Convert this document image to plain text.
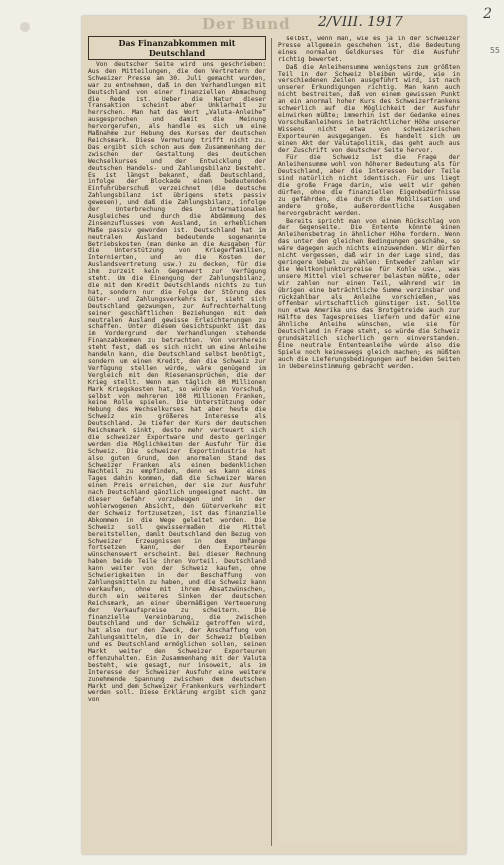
2
55
Der Bund 2/VIII. 1917
Das Finanzabkommen mit Deutschland

Von deutscher Seite wird uns geschrieben: Aus den Mitteilungen, die den Vertretern der Schweizer Presse am 30. Juli gemacht wurden, war zu entnehmen, daß in den Verhandlungen mit Deutschland von einer finanziellen Abmachung die Rede ist. Ueber die Natur dieser Transaktion scheint aber Unklarheit zu herrschen. Man hat das Wort „Valuta-Anleihe“ ausgesprochen und damit die Meinung hervorgerufen, als handle es sich um eine Maßnahme zur Hebung des Kurses der deutschen Reichsmark. Diese Vermutung trifft nicht zu. Das ergibt sich schon aus dem Zusammenhang der zwischen der Gestaltung des deutschen Wechselkurses und der Entwicklung der deutschen Handels- und Zahlungsbilanz besteht. Es ist längst bekannt, daß Deutschland, infolge der Blockade einen bedeutenden Einfuhrüberschuß verzeichnet (die deutsche Zahlungsbilanz ist übrigens stets passiv gewesen), und daß die Zahlungsbilanz, infolge der Unterbrechung des internationalen Ausgleiches und durch die Abdämmung des Zinsenzuflusses vom Ausland, in erheblichem Maße passiv geworden ist. Deutschland hat im neutralen Ausland bedeutende sogenannte Betriebskosten (man denke an die Ausgaben für die Unterstützung von Kriegerfamilien, Internierten, und an die Kosten der Auslandsvertretung usw.) zu decken, für die ihm zurzeit kein Gegenwert zur Verfügung steht. Um die Einengung der Zahlungsbilanz, die mit dem Kredit Deutschlands nichts zu tun hat, sondern nur die Folge der Störung des Güter- und Zahlungsverkehrs ist, sieht sich Deutschland gezwungen, zur Aufrechterhaltung seiner geschäftlichen Beziehungen mit dem neutralen Ausland gewisse Erleichterungen zu schaffen. Unter diesem Gesichtspunkt ist das im Vordergrund der Verhandlungen stehende Finanzabkommen zu betrachten. Von vornherein steht fest, daß es sich nicht um eine Anleihe handeln kann, die Deutschland selbst benötigt, sondern um einen Kredit, den die Schweiz zur Verfügung stellen würde, wäre genügend im Vergleich mit den Riesenansprüchen, die der Krieg stellt. Wenn man täglich 80 Millionen Mark Kriegskosten hat, so würde ein Vorschuß, selbst von mehreren 100 Millionen Franken, keine Rolle spielen. Die Unterstützung oder Hebung des Wechselkurses hat aber heute die Schweiz ein größeres Interesse als Deutschland. Je tiefer der Kurs der deutschen Reichsmark sinkt, desto mehr verteuert sich die schweizer Exportware und desto geringer werden die Möglichkeiten der Ausfuhr für die Schweiz. Die schweizer Exportindustrie hat also guten Grund, den anormalen Stand des Schweizer Franken als einen bedenklichen Nachteil zu empfinden, denn es kann eines Tages dahin kommen, daß die Schweizer Waren einen Preis erreichen, der sie zur Ausfuhr nach Deutschland gänzlich ungeeignet macht. Um dieser Gefahr vorzubeugen und in der wohlerwogenen Absicht, den Güterverkehr mit der Schweiz fortzusetzen, ist das finanzielle Abkommen in die Wege geleitet worden. Die Schweiz soll gewissermaßen die Mittel bereitstellen, damit Deutschland den Bezug von Schweizer Erzeugnissen in dem Umfange fortsetzen kann, der den Exporteuren wünschenswert erscheint. Bei dieser Rechnung haben beide Teile ihren Vorteil. Deutschland kann weiter von der Schweiz kaufen, ohne Schwierigkeiten in der Beschaffung von Zahlungsmitteln zu haben, und die Schweiz kann verkaufen, ohne mit ihrem Absatzwünschen, durch ein weiteres Sinken der deutschen Reichsmark, an einer übermäßigen Verteuerung der Verkaufspreise zu scheitern. Die finanzielle Vereinbarung, die zwischen Deutschland und der Schweiz getroffen wird, hat also nur den Zweck, der Anschaffung von Zahlungsmitteln, die in der Schweiz bleiben und es Deutschland ermöglichen sollen, seinen Markt weiter den Schweizer Exporteuren offenzuhalten. Ein Zusammenhang mit der Valuta besteht, wie gesagt, nur insoweit, als im Interesse der Schweizer Ausfuhr eine weitere zunehmende Spannung zwischen dem deutschen Markt und dem Schweizer Frankenkurs verhindert werden soll. Diese Erklärung ergibt sich ganz von

selbst, wenn man, wie es ja in der Schweizer Presse allgemein geschehen ist, die Bedeutung eines normalen Geldkurses für die Ausfuhr richtig bewertet.

Daß die Anleihensumme wenigstens zum größten Teil in der Schweiz bleiben würde, wie in verschiedenen Zeilen ausgeführt wird, ist nach unserer Erkundigungen richtig. Man kann auch nicht bestreiten, daß von einem gewissen Punkt an ein anormal hoher Kurs des Schweizerfrankens schwerlich auf die Möglichkeit der Ausfuhr einwirken müßte; immerhin ist der Gedanke eines Vorschußanleihens in beträchtlicher Höhe unserer Wissens nicht etwa von schweizerischen Exporteuren ausgegangen. Es handelt sich um einen Akt der Valutapolitik, das geht auch aus der Zuschrift von deutscher Seite hervor.

Für die Schweiz ist die Frage der Anleihensumme wohl von höherer Bedeutung als für Deutschland, aber die Interessen beider Teile sind natürlich nicht identisch. Für uns liegt die große Frage darin, wie weit wir gehen dürfen, ohne die finanziellen Eigenbedürfnisse zu gefährden, die durch die Mobilisation und andere große, außerordentliche Ausgaben hervorgebracht werden.

Bereits spricht man von einem Rückschlag von der Gegenseite. Die Entente könnte einen Anleihensbetrag in ähnlicher Höhe fordern. Wenn das unter den gleichen Bedingungen geschähe, so wäre dagegen auch nichts einzuwenden. Wir dürfen nicht vergessen, daß wir in der Lage sind, das geringere Uebel zu wählen: Entweder zahlen wir die Weltkonjunkturpreise für Kohle usw., was unsere Mittel viel schwerer belasten müßte, oder wir zahlen nur einen Teil, während wir im übrigen eine beträchtliche Summe verzinsbar und rückzahlbar als Anleihe vorschießen, was offenbar wirtschaftlich günstiger ist. Sollte nun etwa Amerika uns das Brotgetreide auch zur Hälfte des Tagespreises liefern und dafür eine ähnliche Anleihe wünschen, wie sie für Deutschland in Frage steht, so würde die Schweiz grundsätzlich sicherlich gern einverstanden. Eine neutrale Ententeanleihe würde also die Spiele noch keineswegs gleich machen; es müßten auch die Lieferungsbedingungen auf beiden Seiten in Uebereinstimmung gebracht werden.
